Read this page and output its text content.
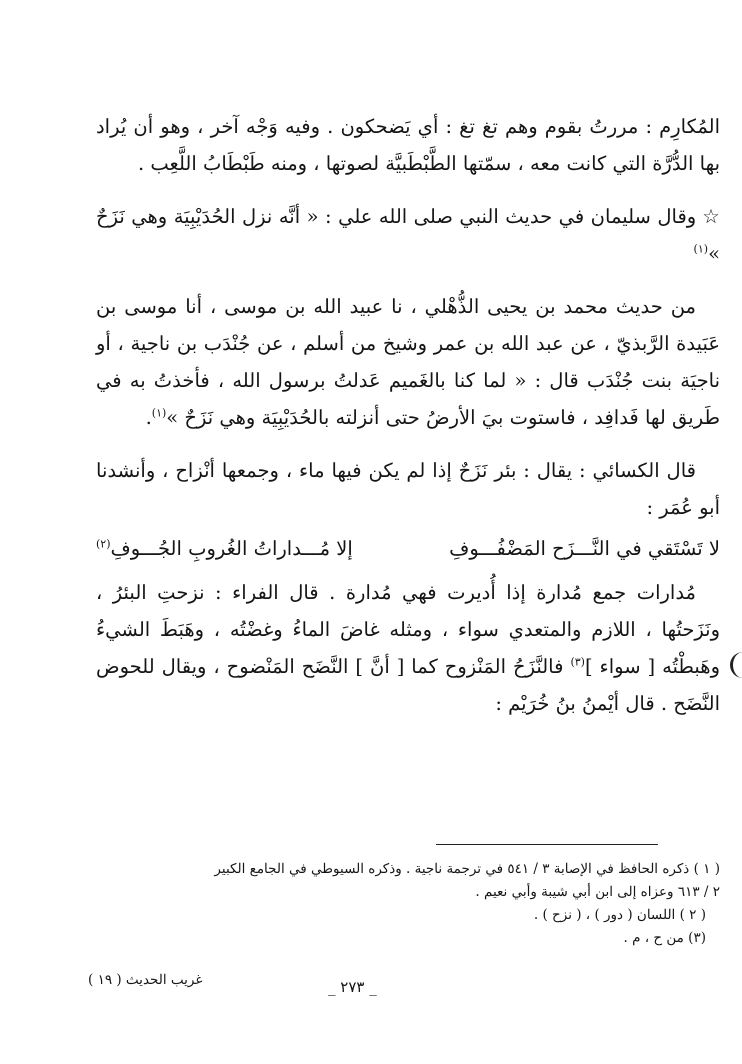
المُكارِم : مررتُ بقوم وهم تغ تغ : أي يَضحكون . وفيه وَجْه آخر ، وهو أن يُراد بها الدُّرَّة التي كانت معه ، سمّتها الطَّبْطَبيَّة لصوتها ، ومنه طَبْطَابُ اللَّعِب .

☆وقال سليمان في حديث النبي صلى الله علي : « أنَّه نزل الحُدَيْبِيَة وهي نَزَحٌ »$^{(١)}$

من حديث محمد بن يحيى الذُّهْلي ، نا عبيد الله بن موسى ، أنا موسى بن عَبَيدة الرَّبذيّ ، عن عبد الله بن عمر وشيخ من أسلم ، عن جُنْدَب بن ناجية ، أو ناجيَة بنت جُنْدَب قال : « لما كنا بالغَميم عَدلتُ برسول الله ، فأخذتُ به في طَريق لها فَدافِد ، فاستوت بيَ الأرضُ حتى أنزلته بالحُدَيْبِيَة وهي نَزَحٌ »$^{(١)}$.

قال الكسائي : يقال : بئر نَزَحٌ إذا لم يكن فيها ماء ، وجمعها أنْزاح ، وأنشدنا أبو عُمَر :

لا تَسْتَقي في النَّـــزَح المَضْفُـــوفِ
إلا مُـــداراتُ الغُروبِ الجُـــوفِ$^{(٢)}$

مُدارات جمع مُدارة إذا أُديرت فهي مُدارة . قال الفراء : نزحتِ البئرُ ، ونَزَحتُها ، اللازم والمتعدي سواء ، ومثله غاضَ الماءُ وغضْتُه ، وهَبَطَ الشيءُ وهَبطْتُه [ سواء ]$^{(٣)}$ فالنَّزَحُ المَنْزوح كما [ أنَّ ] النَّضَح المَنْضوح ، ويقال للحوض النَّضَح . قال أيْمنُ بنُ خُرَيْم :

( ١ ) ذكره الحافظ في الإصابة ٣ / ٥٤١ في ترجمة ناجية . وذكره السيوطي في الجامع الكبير

٢ / ٦١٣ وعزاه إلى ابن أبي شيبة وأبي نعيم .

( ٢ ) اللسان ( دور ) ، ( نزح ) .

(٣) من ح ، م .

غريب الحديث ( ١٩ )	_ ٢٧٣ _
